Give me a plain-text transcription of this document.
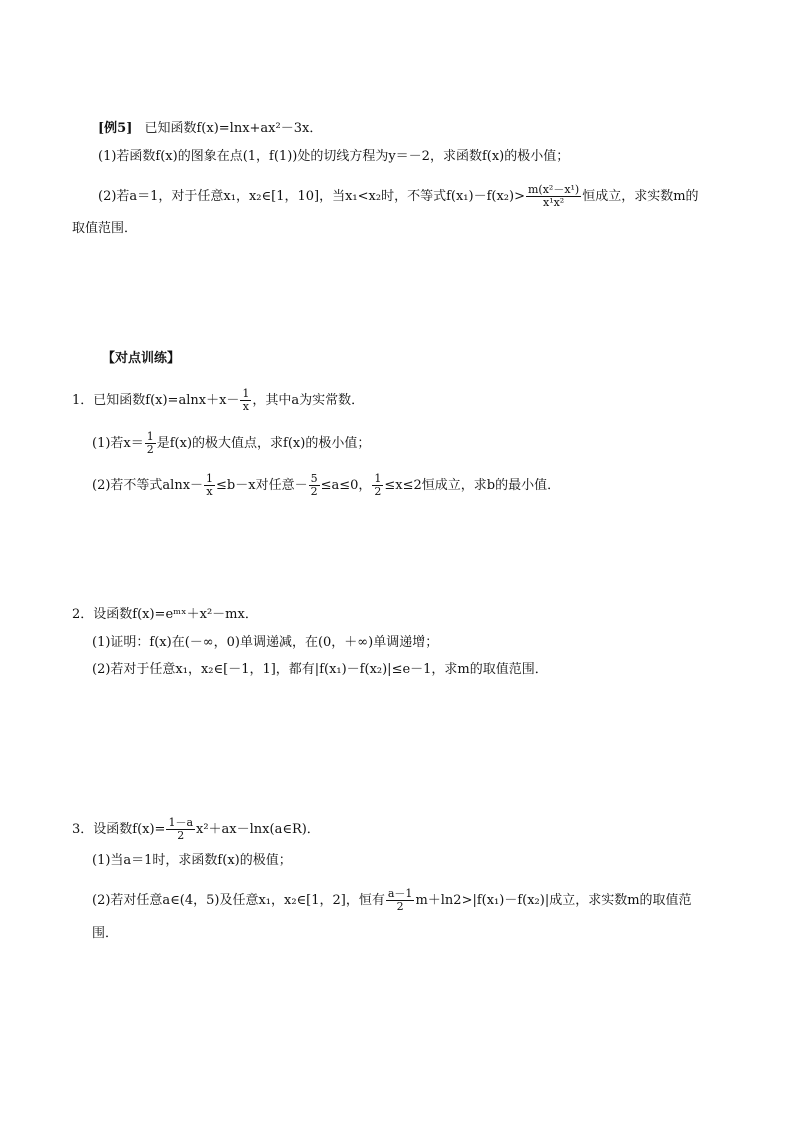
[例5] 已知函数f(x)=lnx+ax²－3x．
(1)若函数f(x)的图象在点(1，f(1))处的切线方程为y＝－2，求函数f(x)的极小值；
(2)若a＝1，对于任意x₁，x₂∈[1，10]，当x₁<x₂时，不等式$f(x_1)-f(x_2)> \frac{\text{m(x²－x¹)}}{\text{x¹x²}}$ 恒成立，求实数m的
取值范围．
【对点训练】
1．已知函数$f(x)=alnx+x- \frac{1}{x}$ ，其中a为实常数．
(1)若$x= \frac{1}{2}$ 是f(x)的极大值点，求f(x)的极小值；
(2)若不等式$alnx- \frac{1}{x} \le b-x$对任意－ $\frac{5}{2} \le a\le 0$， $\frac{1}{2} \le x\le 2$恒成立，求b的最小值．
2．设函数f(x)=eᵐˣ＋x²－mx．
(1)证明：f(x)在(－∞，0)单调递减，在(0，＋∞)单调递增；
(2)若对于任意x₁，x₂∈[－1，1]，都有|f(x₁)－f(x₂)|≤e－1，求m的取值范围．
3．设函数$f(x)= \frac{1-a}{2}$ x²＋ax－lnx(a∈R)．
(1)当a＝1时，求函数f(x)的极值；
(2)若对任意a∈(4，5)及任意x₁，x₂∈[1，2]，恒有 $\frac{a-1}{2} m+\ln 2>|f(x_1)-f(x_2)|$成立，求实数m的取值范
围．
